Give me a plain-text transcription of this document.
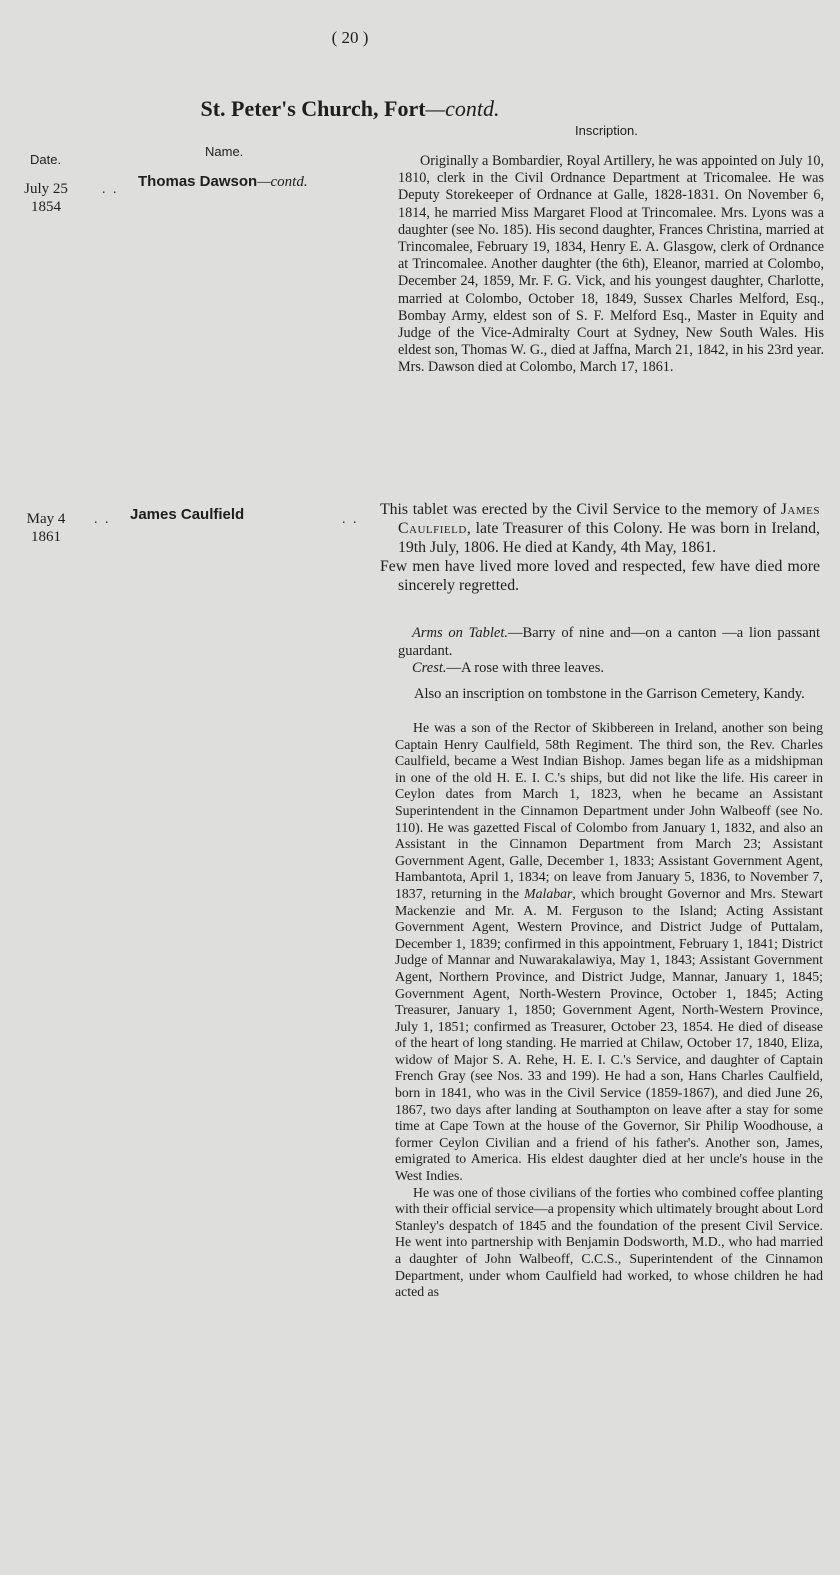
( 20 )
St. Peter's Church, Fort—contd.
Date.
Name.
Inscription.
July 25
1854
. . Thomas Dawson—contd.
Originally a Bombardier, Royal Artillery, he was appointed on July 10, 1810, clerk in the Civil Ordnance Department at Tricomalee. He was Deputy Storekeeper of Ordnance at Galle, 1828-1831. On November 6, 1814, he married Miss Margaret Flood at Trincomalee. Mrs. Lyons was a daughter (see No. 185). His second daughter, Frances Christina, married at Trincomalee, February 19, 1834, Henry E. A. Glasgow, clerk of Ordnance at Trincomalee. Another daughter (the 6th), Eleanor, married at Colombo, December 24, 1859, Mr. F. G. Vick, and his youngest daughter, Charlotte, married at Colombo, October 18, 1849, Sussex Charles Melford, Esq., Bombay Army, eldest son of S. F. Melford Esq., Master in Equity and Judge of the Vice-Admiralty Court at Sydney, New South Wales. His eldest son, Thomas W. G., died at Jaffna, March 21, 1842, in his 23rd year. Mrs. Dawson died at Colombo, March 17, 1861.
May 4
1861
. . James Caulfield	. .

This tablet was erected by the Civil Service to the memory of James Caulfield, late Treasurer of this Colony. He was born in Ireland, 19th July, 1806. He died at Kandy, 4th May, 1861.

Few men have lived more loved and respected, few have died more sincerely regretted.

Arms on Tablet.—Barry of nine and—on a canton —a lion passant guardant.

Crest.—A rose with three leaves.

Also an inscription on tombstone in the Garrison Cemetery, Kandy.

He was a son of the Rector of Skibbereen in Ireland, another son being Captain Henry Caulfield, 58th Regiment. The third son, the Rev. Charles Caulfield, became a West Indian Bishop. James began life as a midshipman in one of the old H. E. I. C.'s ships, but did not like the life. His career in Ceylon dates from March 1, 1823, when he became an Assistant Superintendent in the Cinnamon Department under John Walbeoff (see No. 110). He was gazetted Fiscal of Colombo from January 1, 1832, and also an Assistant in the Cinnamon Department from March 23; Assistant Government Agent, Galle, December 1, 1833; Assistant Government Agent, Hambantota, April 1, 1834; on leave from January 5, 1836, to November 7, 1837, returning in the Malabar, which brought Governor and Mrs. Stewart Mackenzie and Mr. A. M. Ferguson to the Island; Acting Assistant Government Agent, Western Province, and District Judge of Puttalam, December 1, 1839; confirmed in this appointment, February 1, 1841; District Judge of Mannar and Nuwarakalawiya, May 1, 1843; Assistant Government Agent, Northern Province, and District Judge, Mannar, January 1, 1845; Government Agent, North-Western Province, October 1, 1845; Acting Treasurer, January 1, 1850; Government Agent, North-Western Province, July 1, 1851; confirmed as Treasurer, October 23, 1854. He died of disease of the heart of long standing. He married at Chilaw, October 17, 1840, Eliza, widow of Major S. A. Rehe, H. E. I. C.'s Service, and daughter of Captain French Gray (see Nos. 33 and 199). He had a son, Hans Charles Caulfield, born in 1841, who was in the Civil Service (1859-1867), and died June 26, 1867, two days after landing at Southampton on leave after a stay for some time at Cape Town at the house of the Governor, Sir Philip Woodhouse, a former Ceylon Civilian and a friend of his father's. Another son, James, emigrated to America. His eldest daughter died at her uncle's house in the West Indies.

He was one of those civilians of the forties who combined coffee planting with their official service—a propensity which ultimately brought about Lord Stanley's despatch of 1845 and the foundation of the present Civil Service. He went into partnership with Benjamin Dodsworth, M.D., who had married a daughter of John Walbeoff, C.C.S., Superintendent of the Cinnamon Department, under whom Caulfield had worked, to whose children he had acted as
